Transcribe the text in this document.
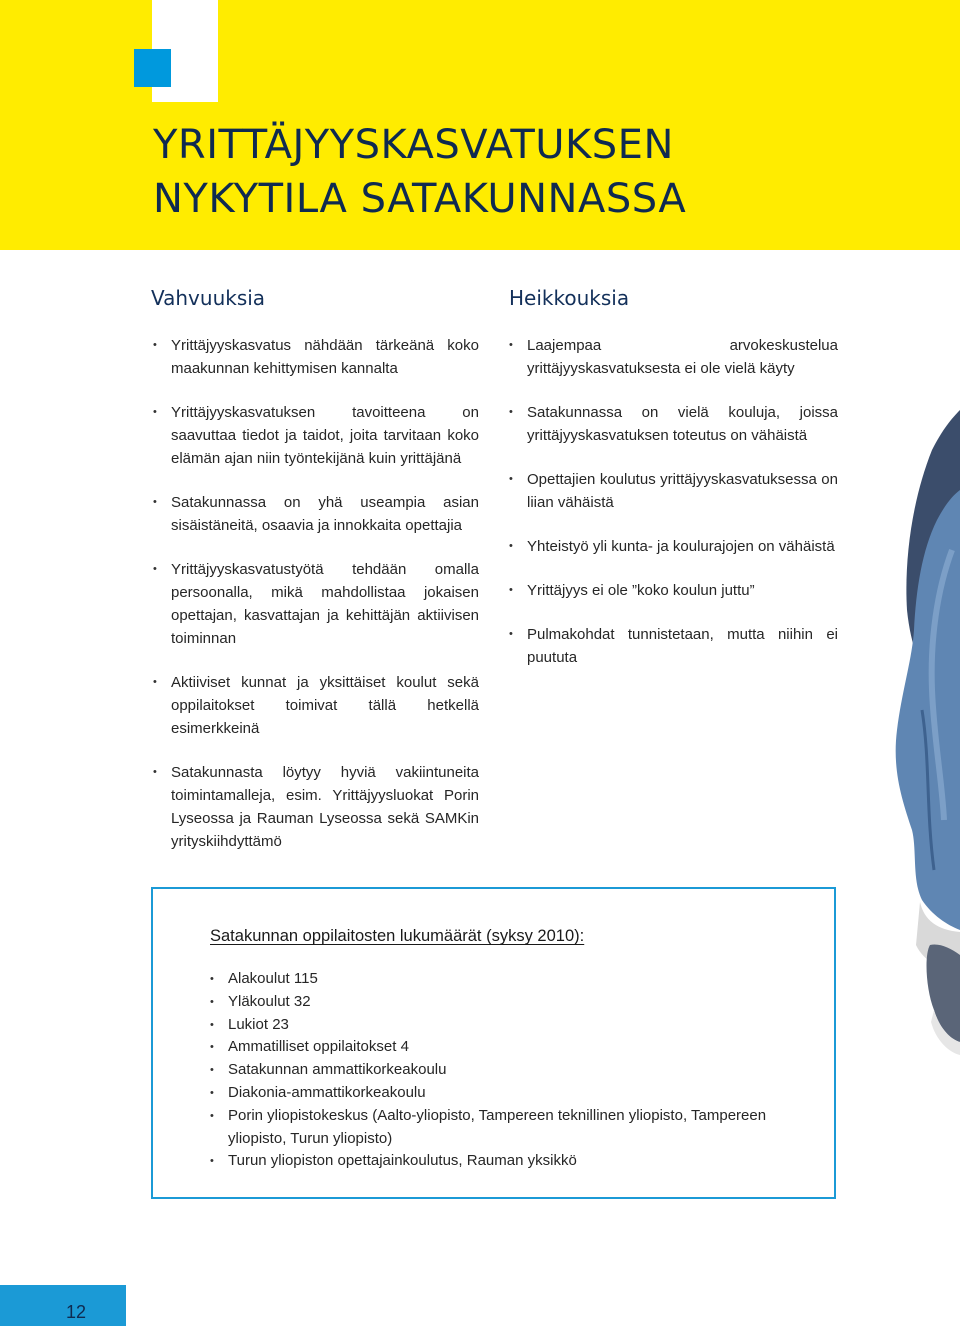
YRITTÄJYYSKASVATUKSEN
NYKYTILA SATAKUNNASSA
Vahvuuksia
• Yrittäjyyskasvatus nähdään tärkeänä koko maakunnan kehittymisen kannalta
• Yrittäjyyskasvatuksen tavoitteena on saavuttaa tiedot ja taidot, joita tarvitaan koko elämän ajan niin työntekijänä kuin yrittäjänä
• Satakunnassa on yhä useampia asian sisäistäneitä, osaavia ja innokkaita opettajia
• Yrittäjyyskasvatustyötä tehdään omalla persoonalla, mikä mahdollistaa jokaisen opettajan, kasvattajan ja kehittäjän aktiivisen toiminnan
• Aktiiviset kunnat ja yksittäiset koulut sekä oppilaitokset toimivat tällä hetkellä esimerkkeinä
• Satakunnasta löytyy hyviä vakiintuneita toimintamalleja, esim. Yrittäjyysluokat Porin Lyseossa ja Rauman Lyseossa sekä SAMKin yrityskiihdyttämö
Heikkouksia
• Laajempaa arvokeskustelua yrittäjyyskasvatuksesta ei ole vielä käyty
• Satakunnassa on vielä kouluja, joissa yrittäjyyskasvatuksen toteutus on vähäistä
• Opettajien koulutus yrittäjyyskasvatuksessa on liian vähäistä
• Yhteistyö yli kunta- ja koulurajojen on vähäistä
• Yrittäjyys ei ole ”koko koulun juttu”
• Pulmakohdat tunnistetaan, mutta niihin ei puututa
Satakunnan oppilaitosten lukumäärät (syksy 2010):
• Alakoulut 115
• Yläkoulut 32
• Lukiot 23
• Ammatilliset oppilaitokset 4
• Satakunnan ammattikorkeakoulu
• Diakonia-ammattikorkeakoulu
• Porin yliopistokeskus (Aalto-yliopisto, Tampereen teknillinen yliopisto, Tampereen yliopisto, Turun yliopisto)
• Turun yliopiston opettajainkoulutus, Rauman yksikkö
12
